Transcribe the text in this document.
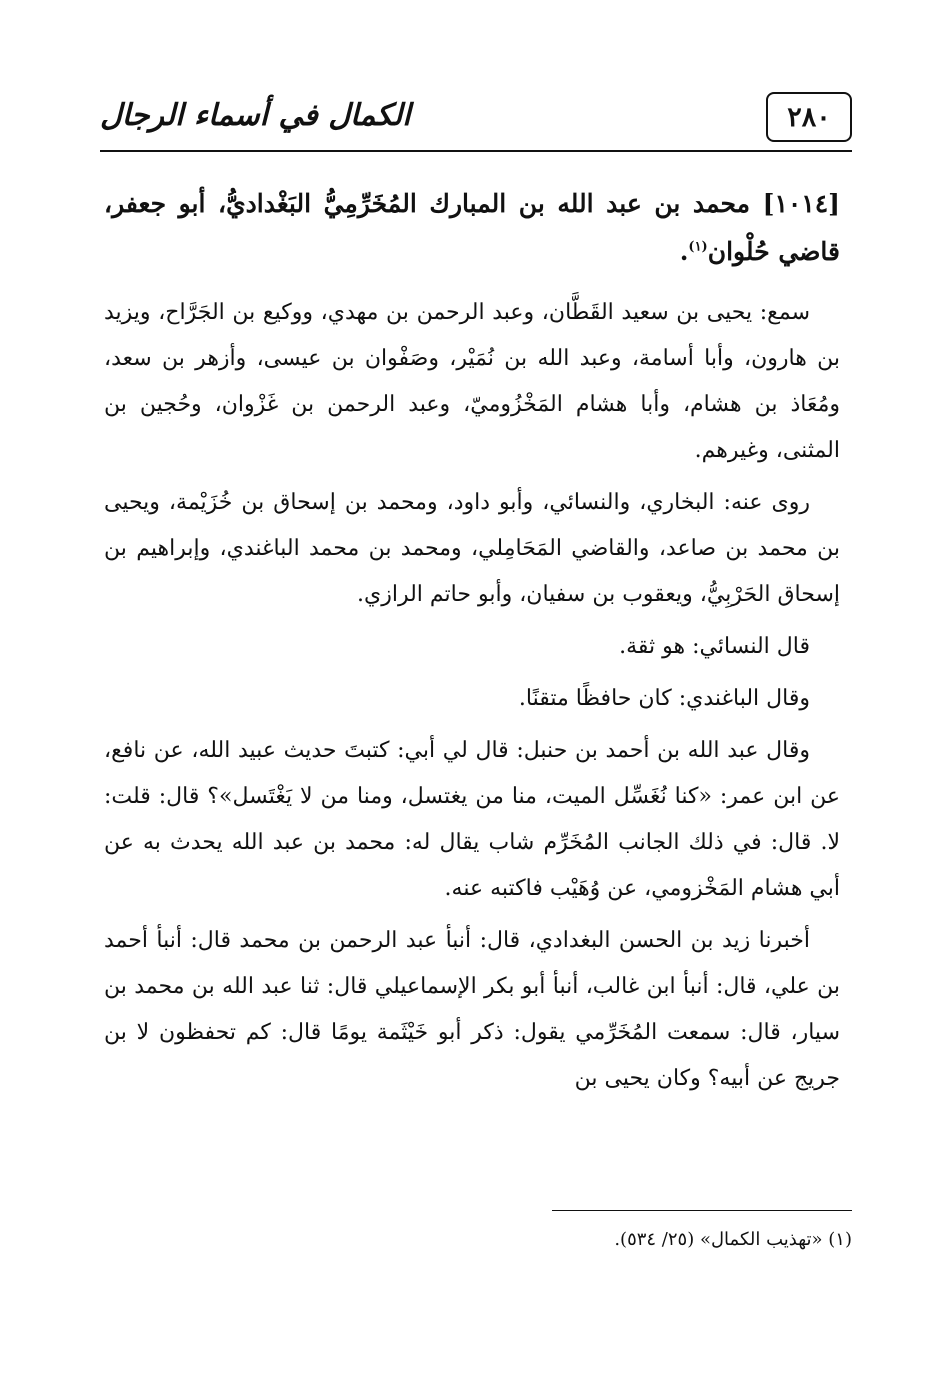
الكمال في أسماء الرجال	٢٨٠
[١٠١٤] محمد بن عبد الله بن المبارك المُخَرِّمِيُّ البَغْداديُّ، أبو جعفر، قاضي حُلْوان$^{(١)}$.

سمع: يحيى بن سعيد القَطَّان، وعبد الرحمن بن مهدي، ووكيع بن الجَرَّاح، ويزيد بن هارون، وأبا أسامة، وعبد الله بن نُمَيْر، وصَفْوان بن عيسى، وأزهر بن سعد، ومُعَاذ بن هشام، وأبا هشام المَخْزُوميّ، وعبد الرحمن بن غَزْوان، وحُجين بن المثنى، وغيرهم.

روى عنه: البخاري، والنسائي، وأبو داود، ومحمد بن إسحاق بن خُزَيْمة، ويحيى بن محمد بن صاعد، والقاضي المَحَامِلي، ومحمد بن محمد الباغندي، وإبراهيم بن إسحاق الحَرْبِيُّ، ويعقوب بن سفيان، وأبو حاتم الرازي.

قال النسائي: هو ثقة.

وقال الباغندي: كان حافظًا متقنًا.

وقال عبد الله بن أحمد بن حنبل: قال لي أبي: كتبتَ حديث عبيد الله، عن نافع، عن ابن عمر: «كنا نُغَسِّل الميت، منا من يغتسل، ومنا من لا يَغْتَسل»؟ قال: قلت: لا. قال: في ذلك الجانب المُخَرِّم شاب يقال له: محمد بن عبد الله يحدث به عن أبي هشام المَخْزومي، عن وُهَيْب فاكتبه عنه.

أخبرنا زيد بن الحسن البغدادي، قال: أنبأ عبد الرحمن بن محمد قال: أنبأ أحمد بن علي، قال: أنبأ ابن غالب، أنبأ أبو بكر الإسماعيلي قال: ثنا عبد الله بن محمد بن سيار، قال: سمعت المُخَرِّمي يقول: ذكر أبو خَيْثَمة يومًا قال: كم تحفظون لا بن جريج عن أبيه؟ وكان يحيى بن

(١) «تهذيب الكمال» (٢٥/ ٥٣٤).
